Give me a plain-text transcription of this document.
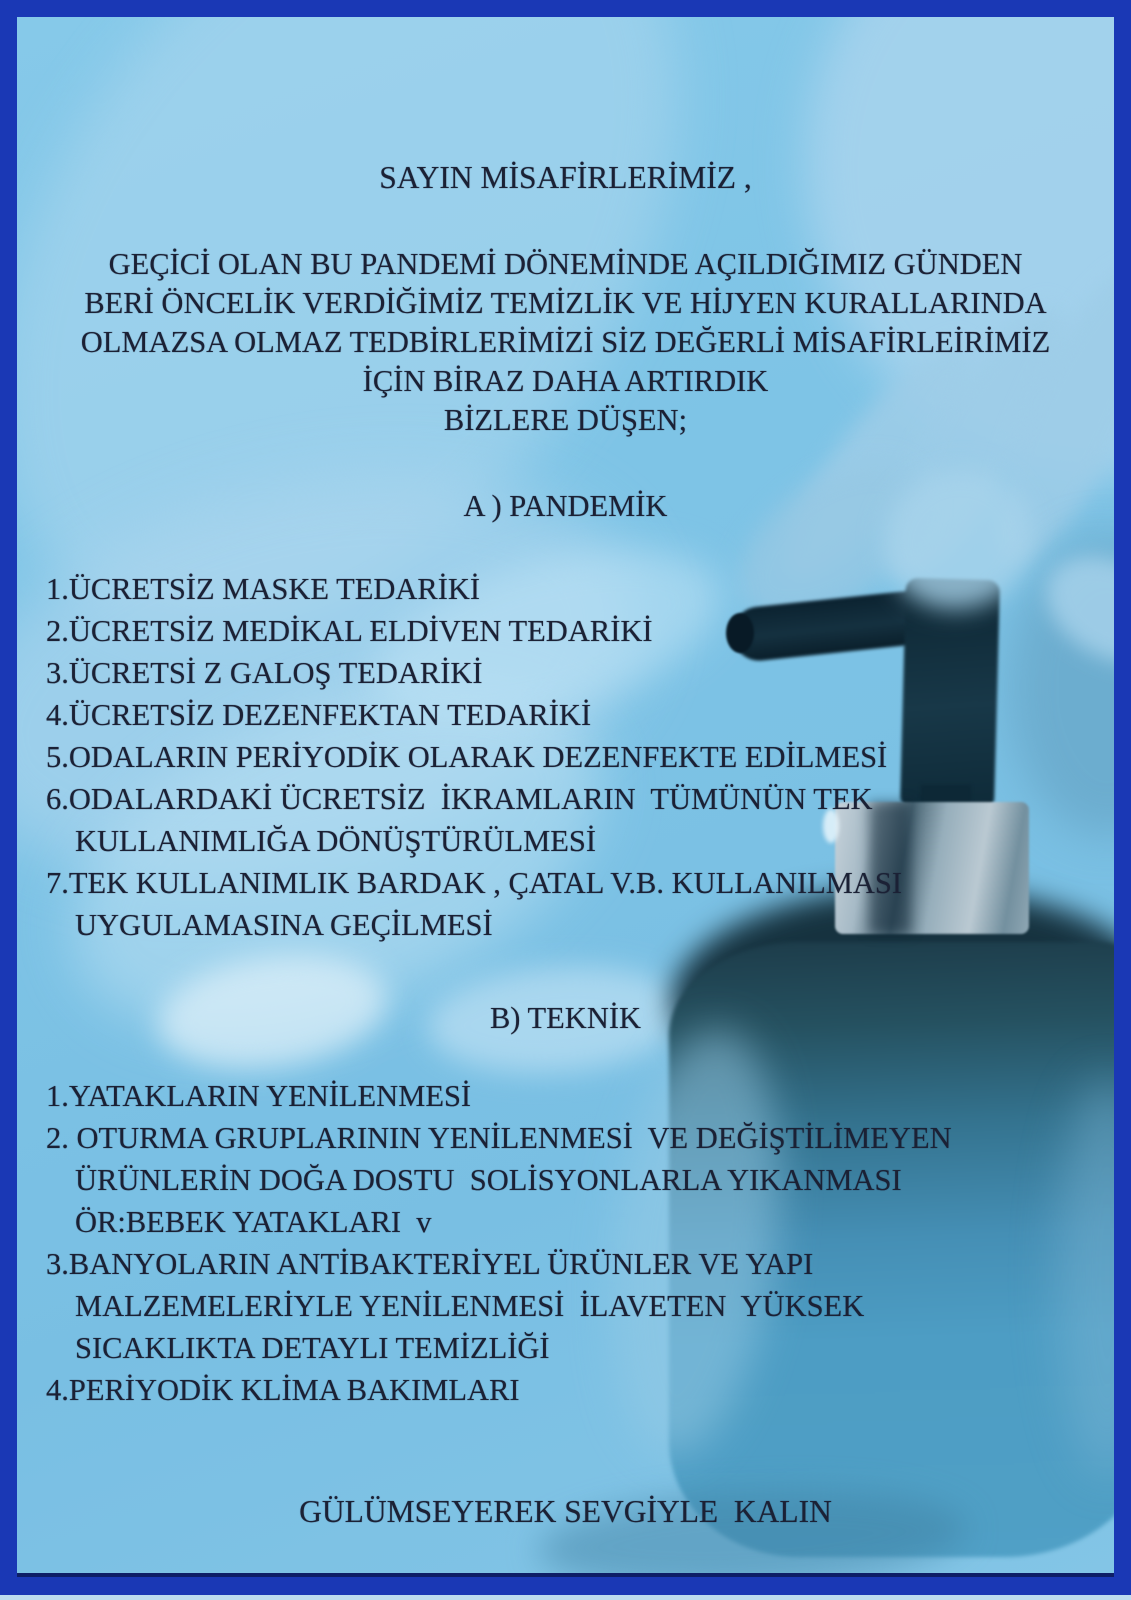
SAYIN MİSAFİRLERİMİZ ,
GEÇİCİ OLAN BU PANDEMİ DÖNEMİNDE AÇILDIĞIMIZ GÜNDEN
BERİ ÖNCELİK VERDİĞİMİZ TEMİZLİK VE HİJYEN KURALLARINDA
OLMAZSA OLMAZ TEDBİRLERİMİZİ SİZ DEĞERLİ MİSAFİRLEİRİMİZ
İÇİN BİRAZ DAHA ARTIRDIK
BİZLERE DÜŞEN;
A ) PANDEMİK
1.ÜCRETSİZ MASKE TEDARİKİ
2.ÜCRETSİZ MEDİKAL ELDİVEN TEDARİKİ
3.ÜCRETSİ Z GALOŞ TEDARİKİ
4.ÜCRETSİZ DEZENFEKTAN TEDARİKİ
5.ODALARIN PERİYODİK OLARAK DEZENFEKTE EDİLMESİ
6.ODALARDAKİ ÜCRETSİZ  İKRAMLARIN  TÜMÜNÜN TEK
KULLANIMLIĞA DÖNÜŞTÜRÜLMESİ
7.TEK KULLANIMLIK BARDAK , ÇATAL V.B. KULLANILMASI
UYGULAMASINA GEÇİLMESİ
B) TEKNİK
1.YATAKLARIN YENİLENMESİ
2. OTURMA GRUPLARININ YENİLENMESİ  VE DEĞİŞTİLİMEYEN
ÜRÜNLERİN DOĞA DOSTU  SOLİSYONLARLA YIKANMASI
ÖR:BEBEK YATAKLARI  v
3.BANYOLARIN ANTİBAKTERİYEL ÜRÜNLER VE YAPI
MALZEMELERİYLE YENİLENMESİ  İLAVETEN  YÜKSEK
SICAKLIKTA DETAYLI TEMİZLİĞİ
4.PERİYODİK KLİMA BAKIMLARI
GÜLÜMSEYEREK SEVGİYLE  KALIN
